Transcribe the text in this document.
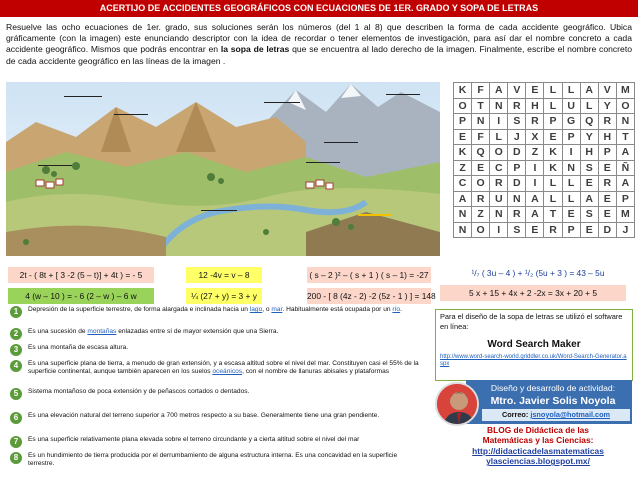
ACERTIJO DE ACCIDENTES GEOGRÁFICOS CON ECUACIONES DE 1ER. GRADO Y SOPA DE LETRAS
Resuelve las ocho ecuaciones de 1er. grado, sus soluciones serán los números (del 1 al 8) que describen la forma de cada accidente geográfico. Ubica gráficamente (con la imagen) este enunciando descriptor con la idea de recordar o tener elementos de investigación, para así dar el nombre concreto a cada accidente geográfico. Mismos que podrás encontrar en la sopa de letras que se encuentra al lado derecho de la imagen. Finalmente, escribe el nombre concreto de cada accidente geográfico en las líneas de la imagen .
K	F	A	V	E	L	L	A	V	M
O	T	N	R	H	L	U	L	Y	O
P	N	I	S	R	P	G	Q	R	N
E	F	L	J	X	E	P	Y	H	T
K	Q	O	D	Z	K	I	H	P	A
Z	E	C	P	I	K	N	S	E	Ñ
C	O	R	D	I	L	L	E	R	A
A	R	U	N	A	L	L	A	E	P
N	Z	N	R	A	T	E	S	E	M
N	O	I	S	E	R	P	E	D	J
2t - ( 8t + [ 3 -2 (5 – t)] + 4t ) = - 5	12 -4v = v – 8	( s – 2 )² – ( s + 1 ) ( s – 1) = -27	¹/₇ ( 3u – 4 ) + ¹/₂ (5u + 3 ) = 43 – 5u
4 (w – 10 ) = - 6 (2 – w ) – 6 w	¼ (27 + y) = 3 + y	200 - [ 8 (4z - 2) -2 (5z - 1 ) ] = 148	5 x + 15 + 4x + 2 -2x = 3x + 20 + 5
1	Depresión de la superficie terrestre, de forma alargada e inclinada hacia un lago, o mar. Habitualmente está ocupada por un río.
2	Es una sucesión de montañas enlazadas entre sí de mayor extensión que una Sierra.
3	Es una montaña de escasa altura.
4	Es una superficie plana de tierra, a menudo de gran extensión, y a escasa altitud sobre el nivel del mar. Constituyen casi el 55% de la superficie continental, aunque también aparecen en los suelos oceánicos, con el nombre de llanuras abisales y plataformas
5	Sistema montañoso de poca extensión y de peñascos cortados o dentados.
6	Es una elevación natural del terreno superior a 700 metros respecto a su base. Generalmente tiene una gran pendiente.
7	Es una superficie relativamente plana elevada sobre el terreno circundante y a cierta altitud sobre el nivel del mar
8	Es un hundimiento de tierra producida por el derrumbamiento de alguna estructura interna. Es una concavidad en la superficie terrestre.
Para el diseño de la sopa de letras se utilizó el software en línea:
Word Search Maker
http://www.word-search-world.griddler.co.uk/Word-Search-Generator.aspx
Diseño y desarrollo de actividad:
Mtro. Javier Solis Noyola
Correo: jsnoyola@hotmail.com
BLOG de Didáctica de las
Matemáticas y las Ciencias:
http://didacticadelasmatematicas
ylasciencias.blogspot.mx/
